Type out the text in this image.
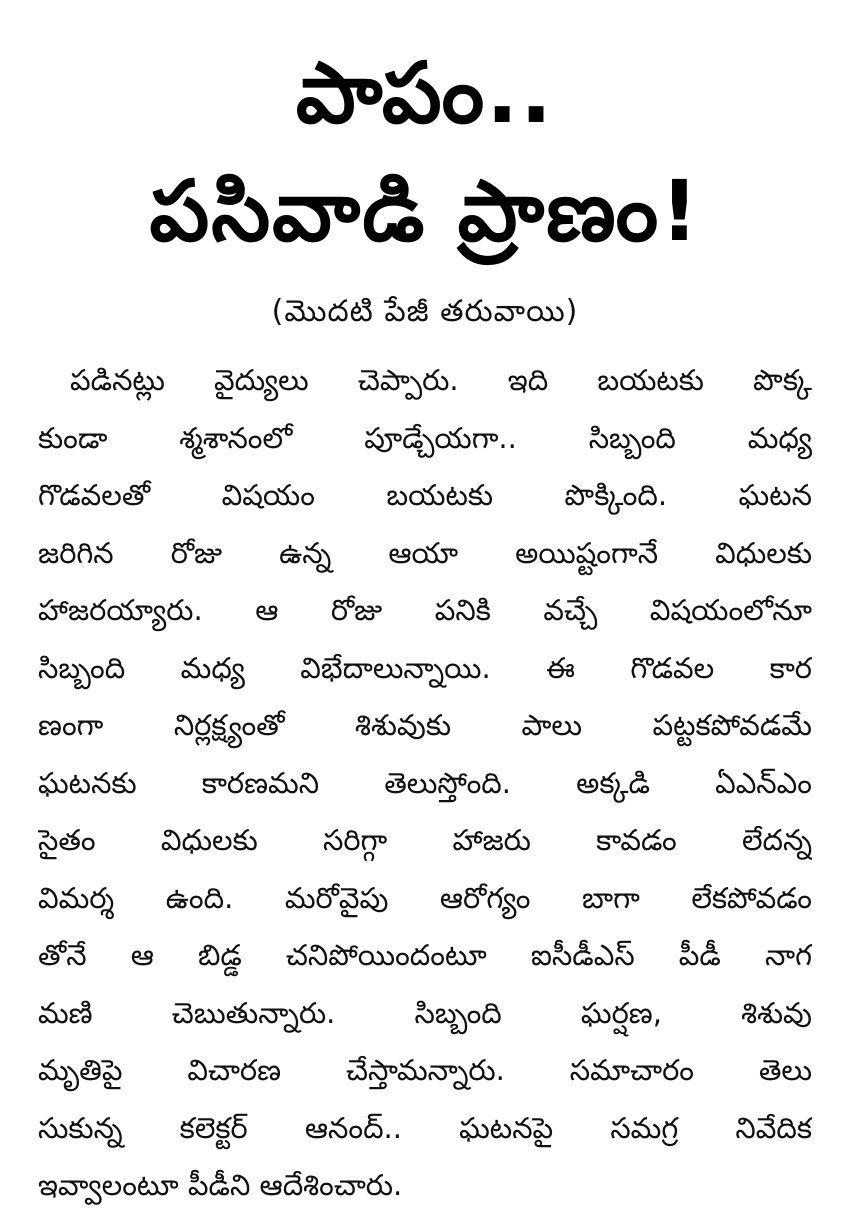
పాపం..
పసివాడి ప్రాణం!
(మొదటి పేజీ తరువాయి)
పడినట్లు వైద్యులు చెప్పారు. ఇది బయటకు పొక్క
కుండా శ్మశానంలో పూడ్చేయగా.. సిబ్బంది మధ్య
గొడవలతో విషయం బయటకు పొక్కింది. ఘటన
జరిగిన రోజు ఉన్న ఆయా అయిష్టంగానే విధులకు
హాజరయ్యారు. ఆ రోజు పనికి వచ్చే విషయంలోనూ
సిబ్బంది మధ్య విభేదాలున్నాయి. ఈ గొడవల కార
ణంగా నిర్లక్ష్యంతో శిశువుకు పాలు పట్టకపోవడమే
ఘటనకు కారణమని తెలుస్తోంది. అక్కడి ఏఎన్ఎం
సైతం విధులకు సరిగ్గా హాజరు కావడం లేదన్న
విమర్శ ఉంది. మరోవైపు ఆరోగ్యం బాగా లేకపోవడం
తోనే ఆ బిడ్డ చనిపోయిందంటూ ఐసీడీఎస్ పీడీ నాగ
మణి చెబుతున్నారు. సిబ్బంది ఘర్షణ, శిశువు
మృతిపై విచారణ చేస్తామన్నారు. సమాచారం తెలు
సుకున్న కలెక్టర్ ఆనంద్.. ఘటనపై సమగ్ర నివేదిక
ఇవ్వాలంటూ పీడీని ఆదేశించారు.
